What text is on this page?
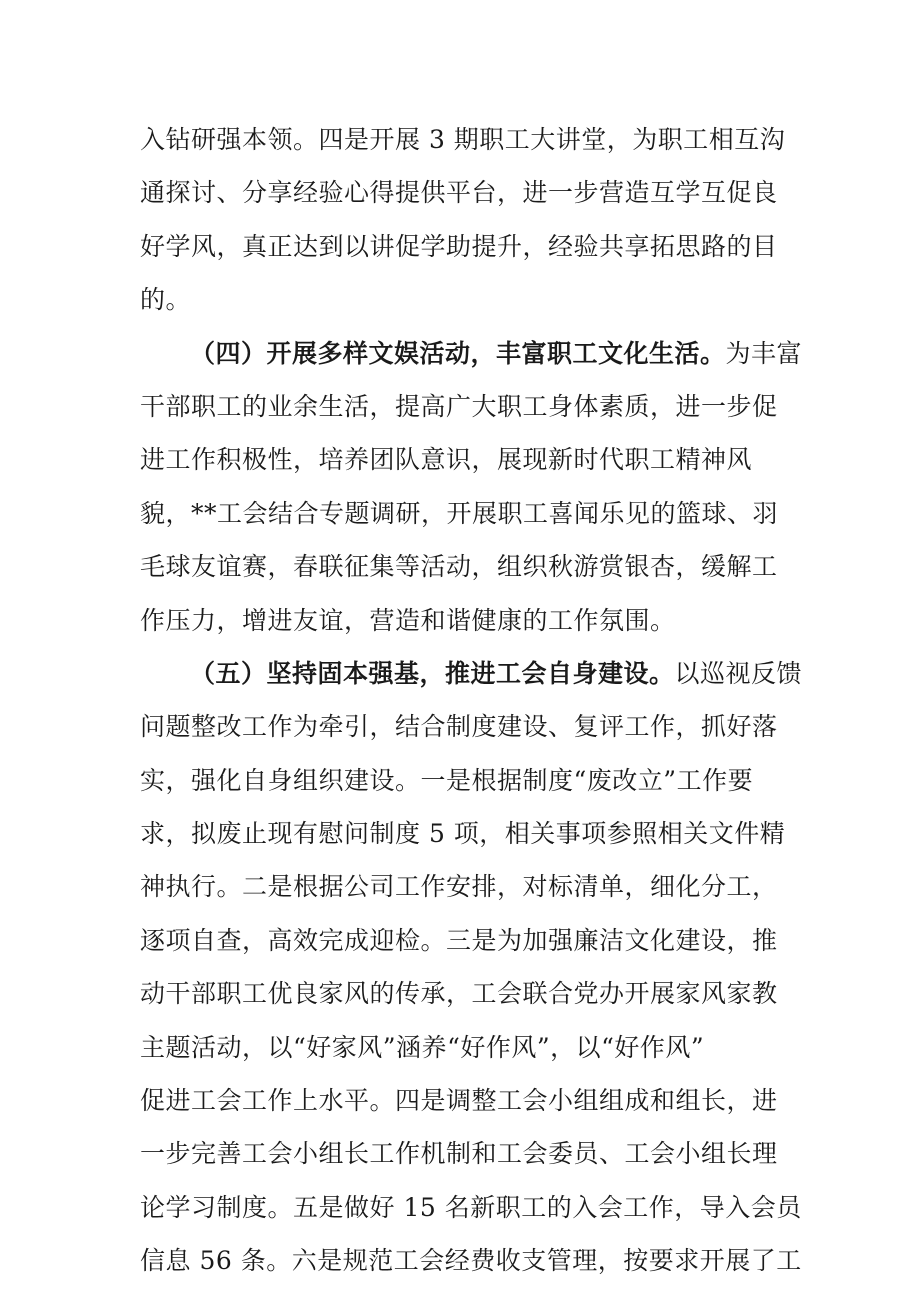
入钻研强本领。四是开展 3 期职工大讲堂，为职工相互沟
通探讨、分享经验心得提供平台，进一步营造互学互促良
好学风，真正达到以讲促学助提升，经验共享拓思路的目
的。
（四）开展多样文娱活动，丰富职工文化生活。为丰富
干部职工的业余生活，提高广大职工身体素质，进一步促
进工作积极性，培养团队意识，展现新时代职工精神风
貌，**工会结合专题调研，开展职工喜闻乐见的篮球、羽
毛球友谊赛，春联征集等活动，组织秋游赏银杏，缓解工
作压力，增进友谊，营造和谐健康的工作氛围。
（五）坚持固本强基，推进工会自身建设。以巡视反馈
问题整改工作为牵引，结合制度建设、复评工作，抓好落
实，强化自身组织建设。一是根据制度“废改立”工作要
求，拟废止现有慰问制度 5 项，相关事项参照相关文件精
神执行。二是根据公司工作安排，对标清单，细化分工，
逐项自查，高效完成迎检。三是为加强廉洁文化建设，推
动干部职工优良家风的传承，工会联合党办开展家风家教
主题活动，以“好家风”涵养“好作风”，以“好作风”
促进工会工作上水平。四是调整工会小组组成和组长，进
一步完善工会小组长工作机制和工会委员、工会小组长理
论学习制度。五是做好 15 名新职工的入会工作，导入会员
信息 56 条。六是规范工会经费收支管理，按要求开展了工
